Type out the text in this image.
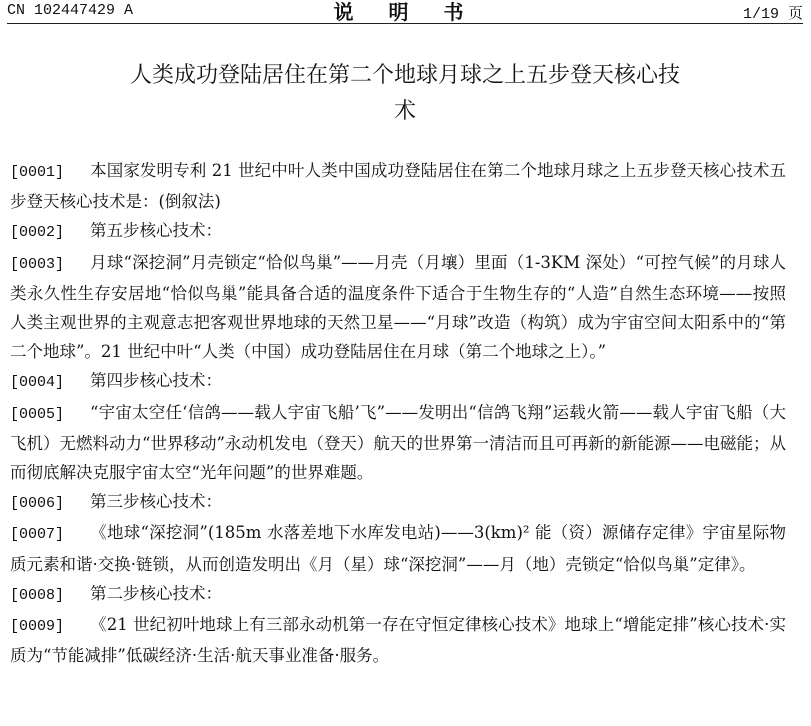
CN 102447429 A	说 明 书	1/19 页
人类成功登陆居住在第二个地球月球之上五步登天核心技
术

[0001] 本国家发明专利 21 世纪中叶人类中国成功登陆居住在第二个地球月球之上五步登天核心技术五步登天核心技术是：(倒叙法)

[0002] 第五步核心技术：

[0003] 月球“深挖洞”月壳锁定“恰似鸟巢”——月壳（月壤）里面（1-3KM 深处）“可控气候”的月球人类永久性生存安居地“恰似鸟巢”能具备合适的温度条件下适合于生物生存的“人造”自然生态环境——按照人类主观世界的主观意志把客观世界地球的天然卫星——“月球”改造（构筑）成为宇宙空间太阳系中的“第二个地球”。21 世纪中叶“人类（中国）成功登陆居住在月球（第二个地球之上）。”

[0004] 第四步核心技术：

[0005] “宇宙太空任‘信鸽——载人宇宙飞船’飞”——发明出“信鸽飞翔”运载火箭——载人宇宙飞船（大飞机）无燃料动力“世界移动”永动机发电（登天）航天的世界第一清洁而且可再新的新能源——电磁能；从而彻底解决克服宇宙太空“光年问题”的世界难题。

[0006] 第三步核心技术：

[0007] 《地球“深挖洞”(185m 水落差地下水库发电站)——3(km)² 能（资）源储存定律》宇宙星际物质元素和谐·交换·链锁，从而创造发明出《月（星）球“深挖洞”——月（地）壳锁定“恰似鸟巢”定律》。

[0008] 第二步核心技术：

[0009] 《21 世纪初叶地球上有三部永动机第一存在守恒定律核心技术》地球上“增能定排”核心技术·实质为“节能减排”低碳经济·生活·航天事业准备·服务。
